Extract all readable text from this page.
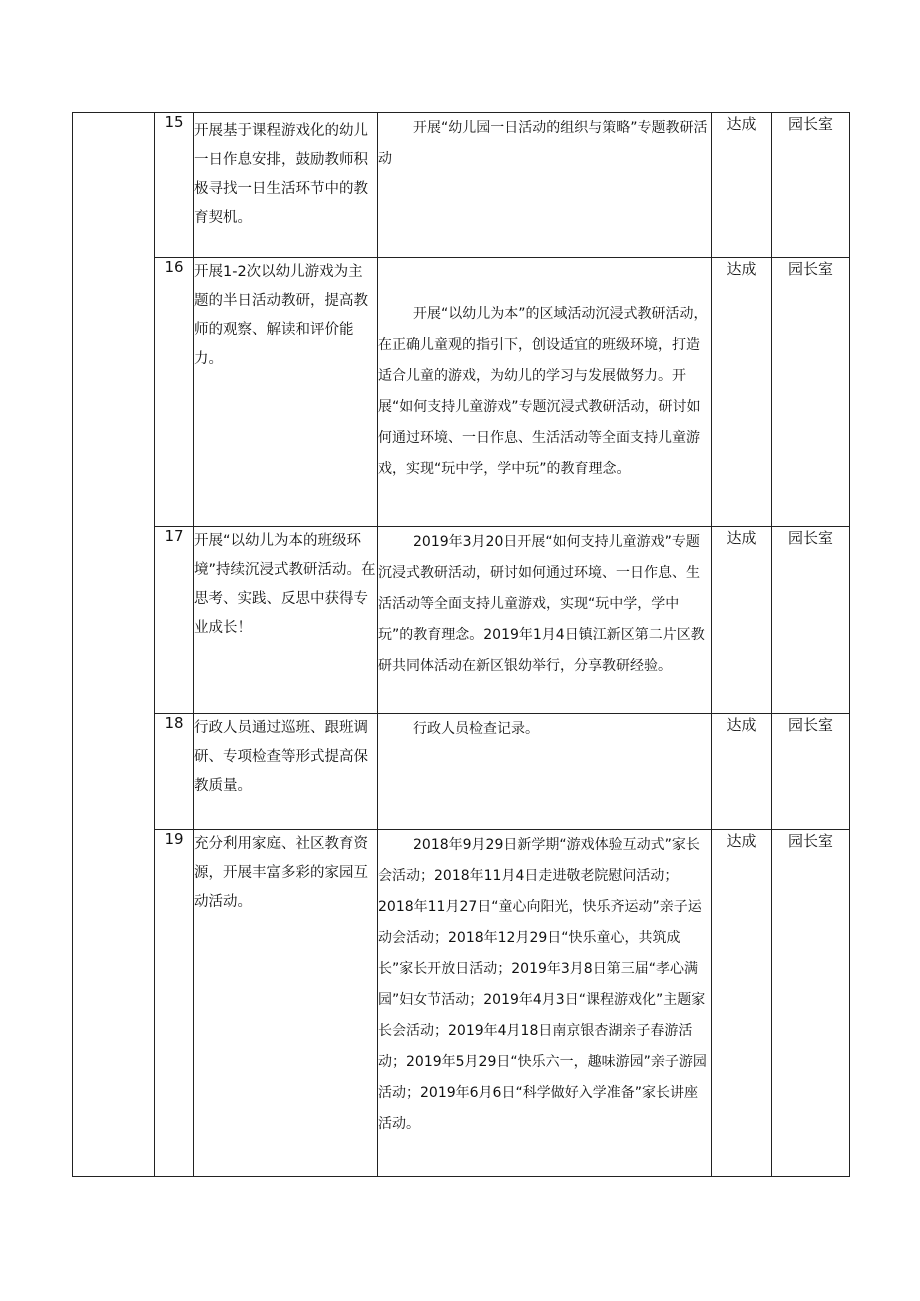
	15	开展基于课程游戏化的幼儿一日作息安排，鼓励教师积极寻找一日生活环节中的教育契机。	开展“幼儿园一日活动的组织与策略”专题教研活动	达成	园长室
	16	开展1-2次以幼儿游戏为主题的半日活动教研，提高教师的观察、解读和评价能力。	开展“以幼儿为本”的区域活动沉浸式教研活动，在正确儿童观的指引下，创设适宜的班级环境，打造适合儿童的游戏，为幼儿的学习与发展做努力。开展“如何支持儿童游戏”专题沉浸式教研活动，研讨如何通过环境、一日作息、生活活动等全面支持儿童游戏，实现“玩中学，学中玩”的教育理念。	达成	园长室
	17	开展“以幼儿为本的班级环境”持续沉浸式教研活动。在思考、实践、反思中获得专业成长！	2019年3月20日开展“如何支持儿童游戏”专题沉浸式教研活动，研讨如何通过环境、一日作息、生活活动等全面支持儿童游戏，实现“玩中学，学中玩”的教育理念。2019年1月4日镇江新区第二片区教研共同体活动在新区银幼举行，分享教研经验。	达成	园长室
	18	行政人员通过巡班、跟班调研、专项检查等形式提高保教质量。	行政人员检查记录。	达成	园长室
	19	充分利用家庭、社区教育资源，开展丰富多彩的家园互动活动。	2018年9月29日新学期“游戏体验互动式”家长会活动；2018年11月4日走进敬老院慰问活动；2018年11月27日“童心向阳光，快乐齐运动”亲子运动会活动；2018年12月29日“快乐童心，共筑成长”家长开放日活动；2019年3月8日第三届“孝心满园”妇女节活动；2019年4月3日“课程游戏化”主题家长会活动；2019年4月18日南京银杏湖亲子春游活动；2019年5月29日“快乐六一，趣味游园”亲子游园活动；2019年6月6日“科学做好入学准备”家长讲座活动。	达成	园长室
